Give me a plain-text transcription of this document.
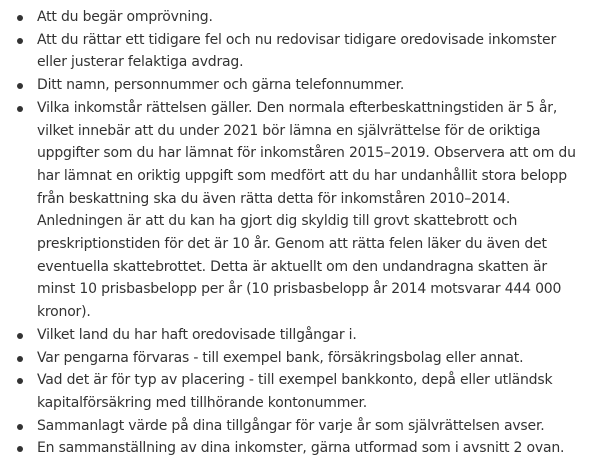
Att du begär omprövning.
Att du rättar ett tidigare fel och nu redovisar tidigare oredovisade inkomster eller justerar felaktiga avdrag.
Ditt namn, personnummer och gärna telefonnummer.
Vilka inkomstår rättelsen gäller. Den normala efterbeskattningstiden är 5 år, vilket innebär att du under 2021 bör lämna en självrättelse för de oriktiga uppgifter som du har lämnat för inkomståren 2015–2019. Observera att om du har lämnat en oriktig uppgift som medfört att du har undanhållit stora belopp från beskattning ska du även rätta detta för inkomståren 2010–2014. Anledningen är att du kan ha gjort dig skyldig till grovt skattebrott och preskriptionstiden för det är 10 år. Genom att rätta felen läker du även det eventuella skattebrottet. Detta är aktuellt om den undandragna skatten är minst 10 prisbasbelopp per år (10 prisbasbelopp år 2014 motsvarar 444 000 kronor).
Vilket land du har haft oredovisade tillgångar i.
Var pengarna förvaras - till exempel bank, försäkringsbolag eller annat.
Vad det är för typ av placering - till exempel bankkonto, depå eller utländsk kapitalförsäkring med tillhörande kontonummer.
Sammanlagt värde på dina tillgångar för varje år som självrättelsen avser.
En sammanställning av dina inkomster, gärna utformad som i avsnitt 2 ovan.
